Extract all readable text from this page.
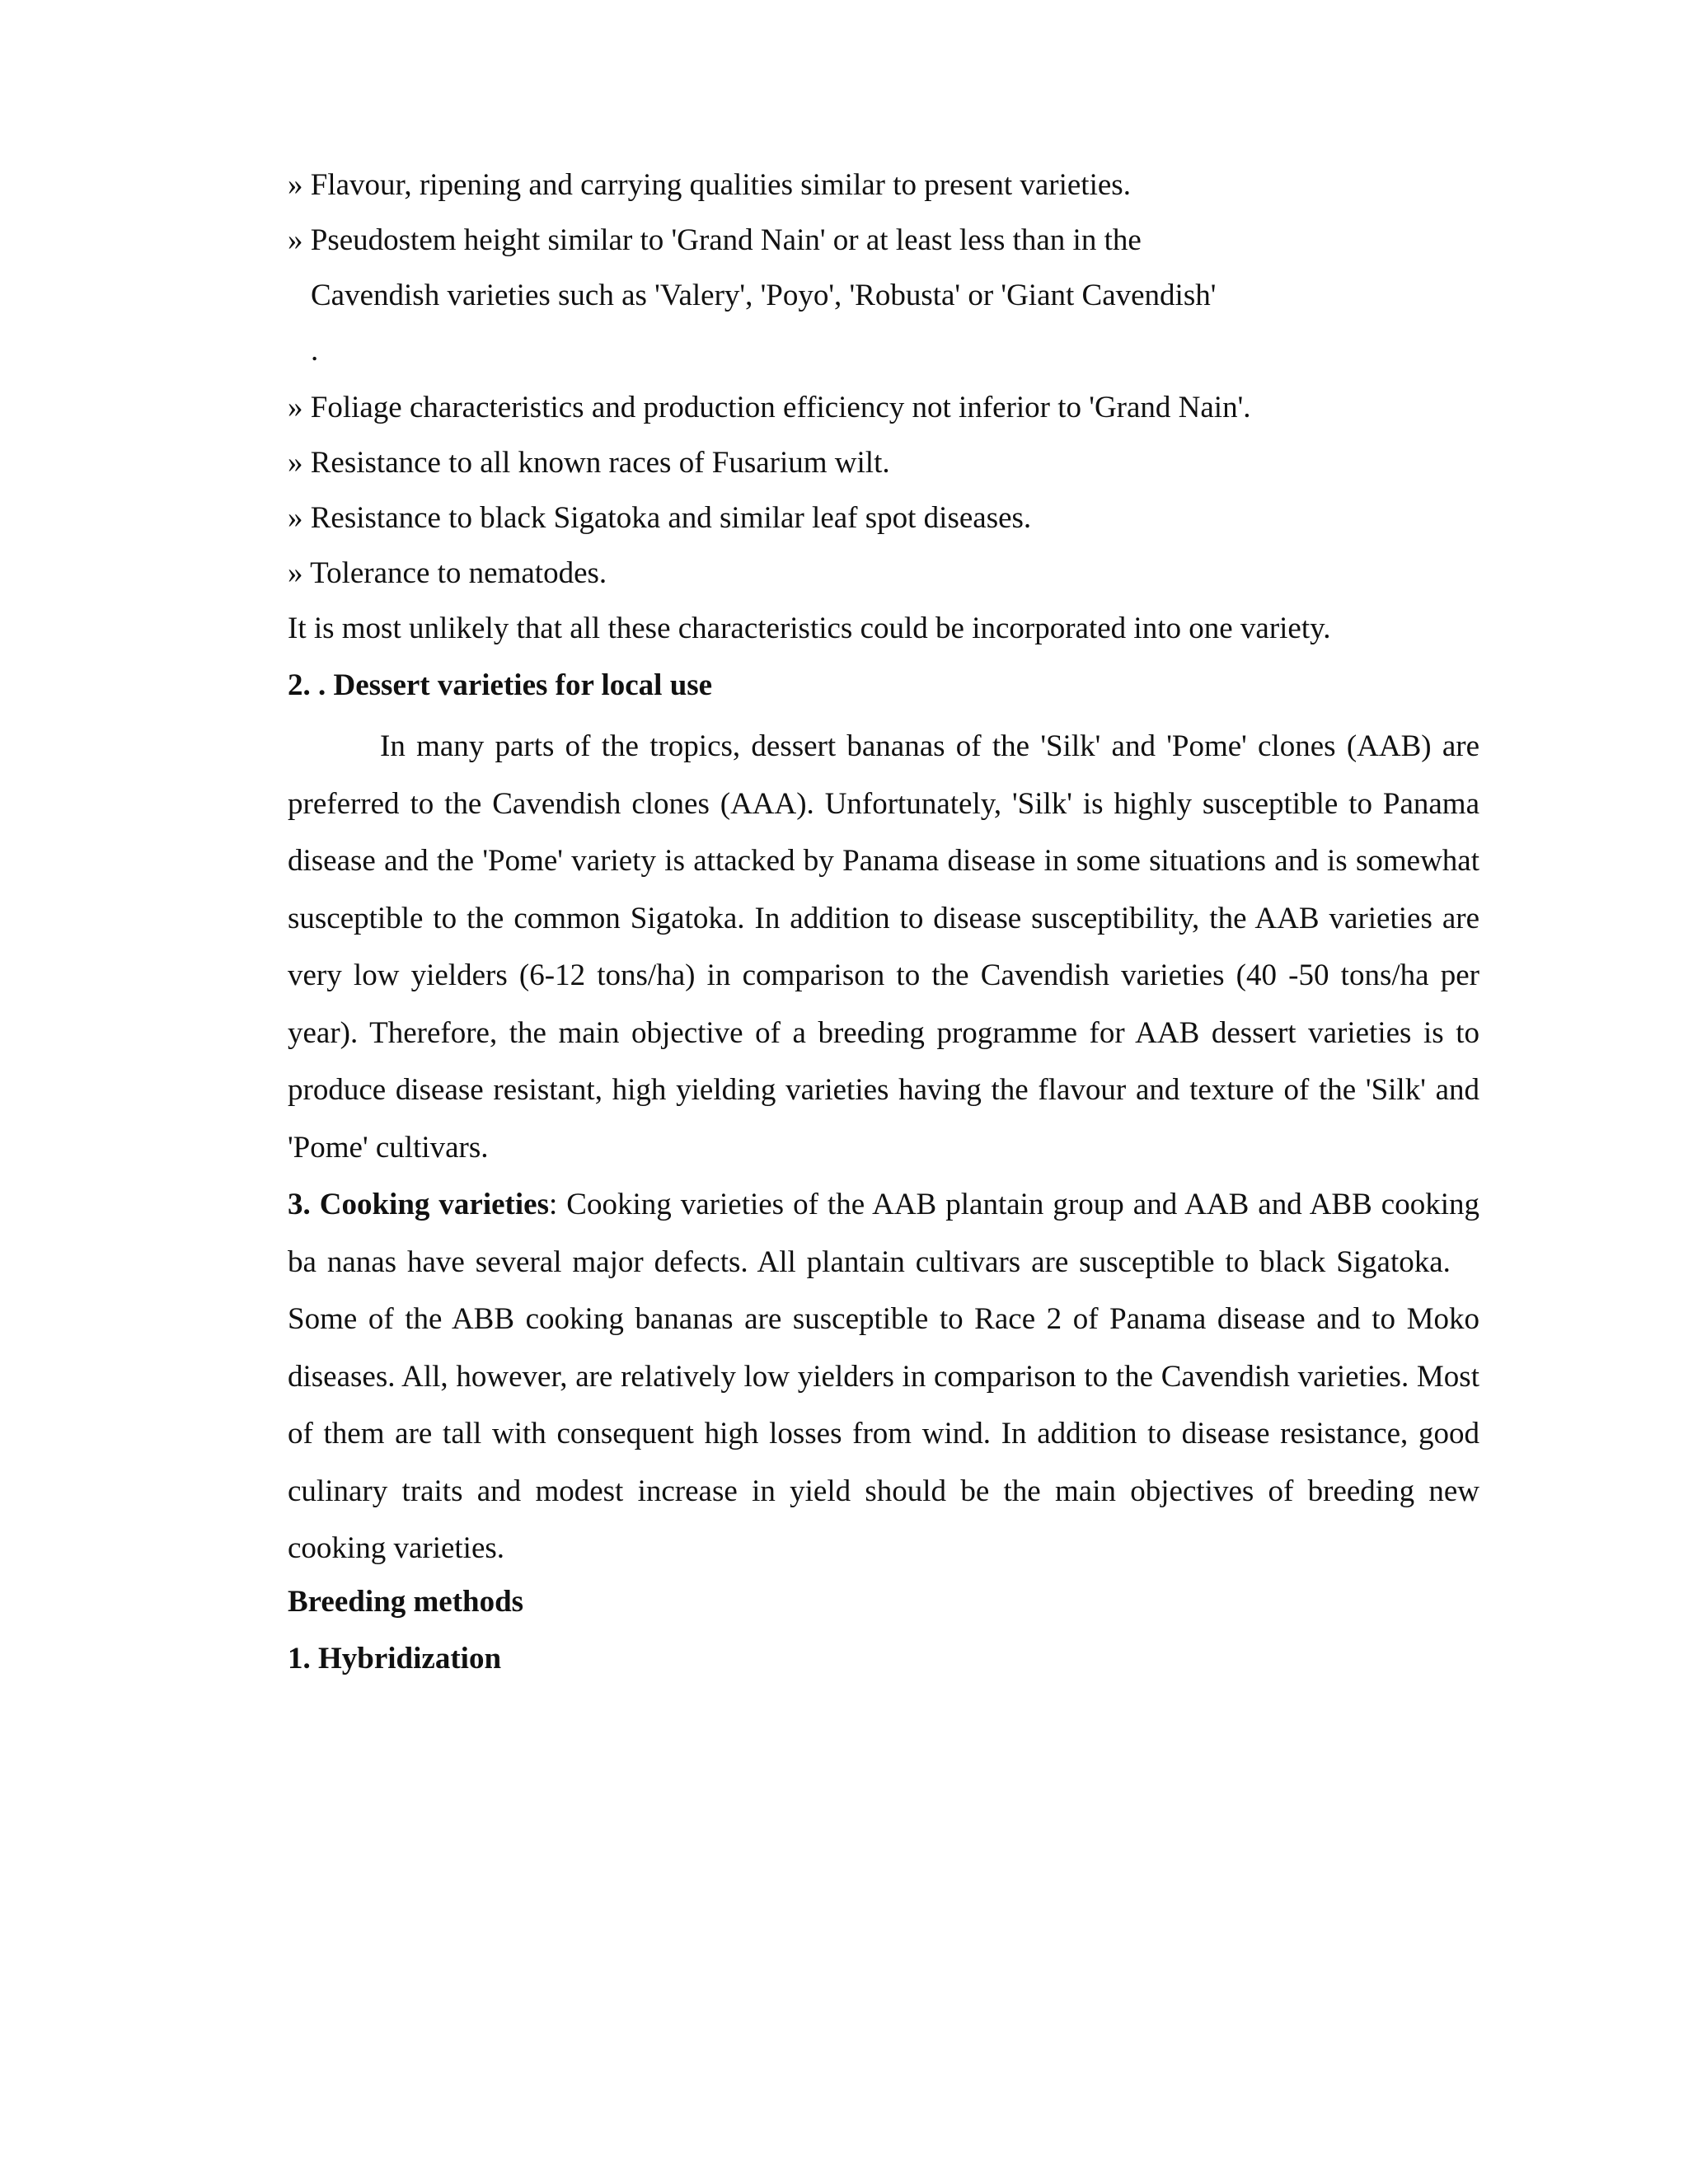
» Flavour, ripening and carrying qualities similar to present varieties.
» Pseudostem height similar to 'Grand Nain' or at least less than in the
Cavendish varieties such as 'Valery', 'Poyo', 'Robusta' or 'Giant Cavendish'
.
» Foliage characteristics and production efficiency not inferior to 'Grand Nain'.
» Resistance to all known races of Fusarium wilt.
» Resistance to black Sigatoka and similar leaf spot diseases.
» Tolerance to nematodes.
It is most unlikely that all these characteristics could be incorporated into one variety.
2. . Dessert varieties for local use

In many parts of the tropics, dessert bananas of the 'Silk' and 'Pome' clones (AAB) are preferred to the Cavendish clones (AAA). Unfortunately, 'Silk' is highly susceptible to Panama disease and the 'Pome' variety is attacked by Panama disease in some situations and is somewhat susceptible to the common Sigatoka. In addition to disease susceptibility, the AAB varieties are very low yielders (6-12 tons/ha) in comparison to the Cavendish varieties (40 -50 tons/ha per year). Therefore, the main objective of a breeding programme for AAB dessert varieties is to produce disease resistant, high yielding varieties having the flavour and texture of the 'Silk' and 'Pome' cultivars.

3. Cooking varieties: Cooking varieties of the AAB plantain group and AAB and ABB cooking ba nanas have several major defects. All plantain cultivars are susceptible to black Sigatoka.    Some of the ABB cooking bananas are susceptible to Race 2 of Panama disease and to Moko diseases. All, however, are relatively low yielders in comparison to the Cavendish varieties. Most of them are tall with consequent high losses from wind. In addition to disease resistance, good culinary traits and modest increase in yield should be the main objectives of breeding new cooking varieties.

Breeding methods
1. Hybridization
